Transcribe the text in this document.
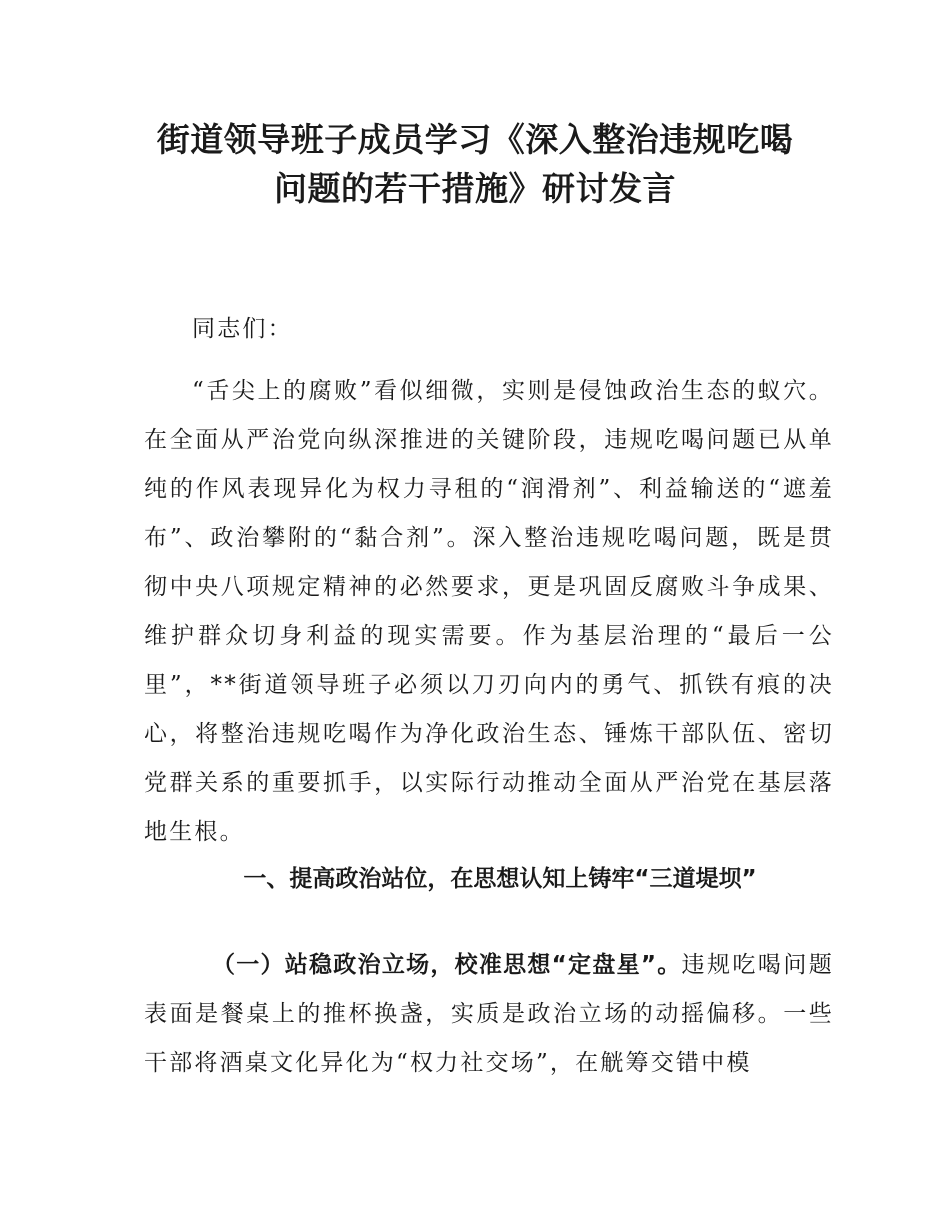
街道领导班子成员学习《深入整治违规吃喝
问题的若干措施》研讨发言

同志们：

“舌尖上的腐败”看似细微，实则是侵蚀政治生态的蚁穴。在全面从严治党向纵深推进的关键阶段，违规吃喝问题已从单纯的作风表现异化为权力寻租的“润滑剂”、利益输送的“遮羞布”、政治攀附的“黏合剂”。深入整治违规吃喝问题，既是贯彻中央八项规定精神的必然要求，更是巩固反腐败斗争成果、维护群众切身利益的现实需要。作为基层治理的“最后一公里”，**街道领导班子必须以刀刃向内的勇气、抓铁有痕的决心，将整治违规吃喝作为净化政治生态、锤炼干部队伍、密切党群关系的重要抓手，以实际行动推动全面从严治党在基层落地生根。

一、提高政治站位，在思想认知上铸牢“三道堤坝”

（一）站稳政治立场，校准思想“定盘星”。违规吃喝问题表面是餐桌上的推杯换盏，实质是政治立场的动摇偏移。一些干部将酒桌文化异化为“权力社交场”，在觥筹交错中模
